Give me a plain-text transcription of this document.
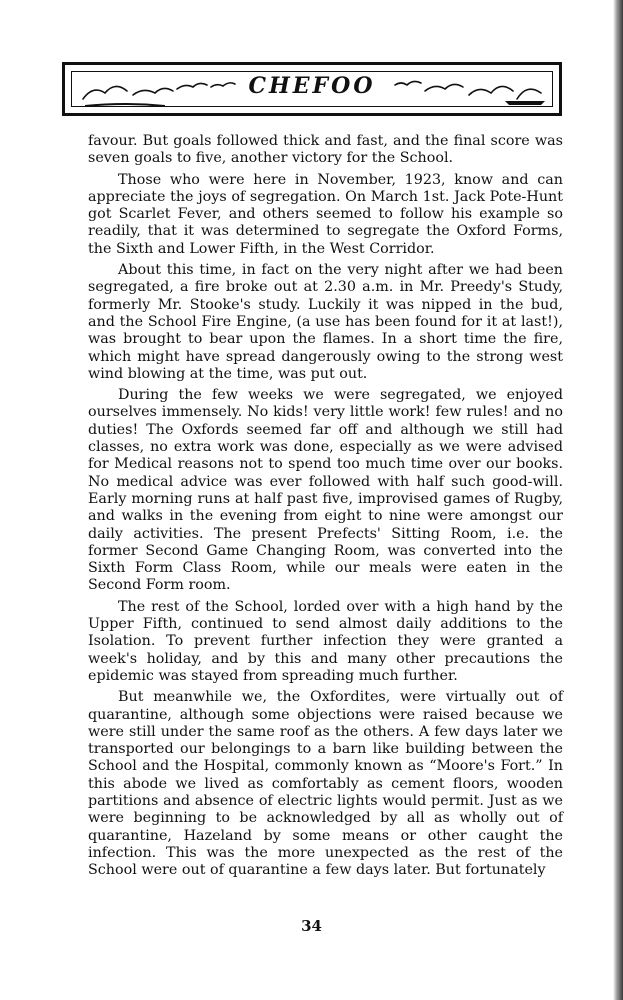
CHEFOO

favour. But goals followed thick and fast, and the final score was seven goals to five, another victory for the School.

Those who were here in November, 1923, know and can appreciate the joys of segregation. On March 1st. Jack Pote-Hunt got Scarlet Fever, and others seemed to follow his example so readily, that it was determined to segregate the Oxford Forms, the Sixth and Lower Fifth, in the West Corridor.

About this time, in fact on the very night after we had been segregated, a fire broke out at 2.30 a.m. in Mr. Preedy's Study, formerly Mr. Stooke's study. Luckily it was nipped in the bud, and the School Fire Engine, (a use has been found for it at last!), was brought to bear upon the flames. In a short time the fire, which might have spread dangerously owing to the strong west wind blowing at the time, was put out.

During the few weeks we were segregated, we enjoyed ourselves immensely. No kids! very little work! few rules! and no duties! The Oxfords seemed far off and although we still had classes, no extra work was done, especially as we were advised for Medical reasons not to spend too much time over our books. No medical advice was ever followed with half such good-will. Early morning runs at half past five, improvised games of Rugby, and walks in the evening from eight to nine were amongst our daily activities. The present Prefects' Sitting Room, i.e. the former Second Game Changing Room, was converted into the Sixth Form Class Room, while our meals were eaten in the Second Form room.

The rest of the School, lorded over with a high hand by the Upper Fifth, continued to send almost daily additions to the Isolation. To prevent further infection they were granted a week's holiday, and by this and many other precautions the epidemic was stayed from spreading much further.

But meanwhile we, the Oxfordites, were virtually out of quarantine, although some objections were raised because we were still under the same roof as the others. A few days later we transported our belongings to a barn like building between the School and the Hospital, commonly known as “Moore's Fort.” In this abode we lived as comfortably as cement floors, wooden partitions and absence of electric lights would permit. Just as we were beginning to be acknowledged by all as wholly out of quarantine, Hazeland by some means or other caught the infection. This was the more unexpected as the rest of the School were out of quarantine a few days later. But fortunately

34
